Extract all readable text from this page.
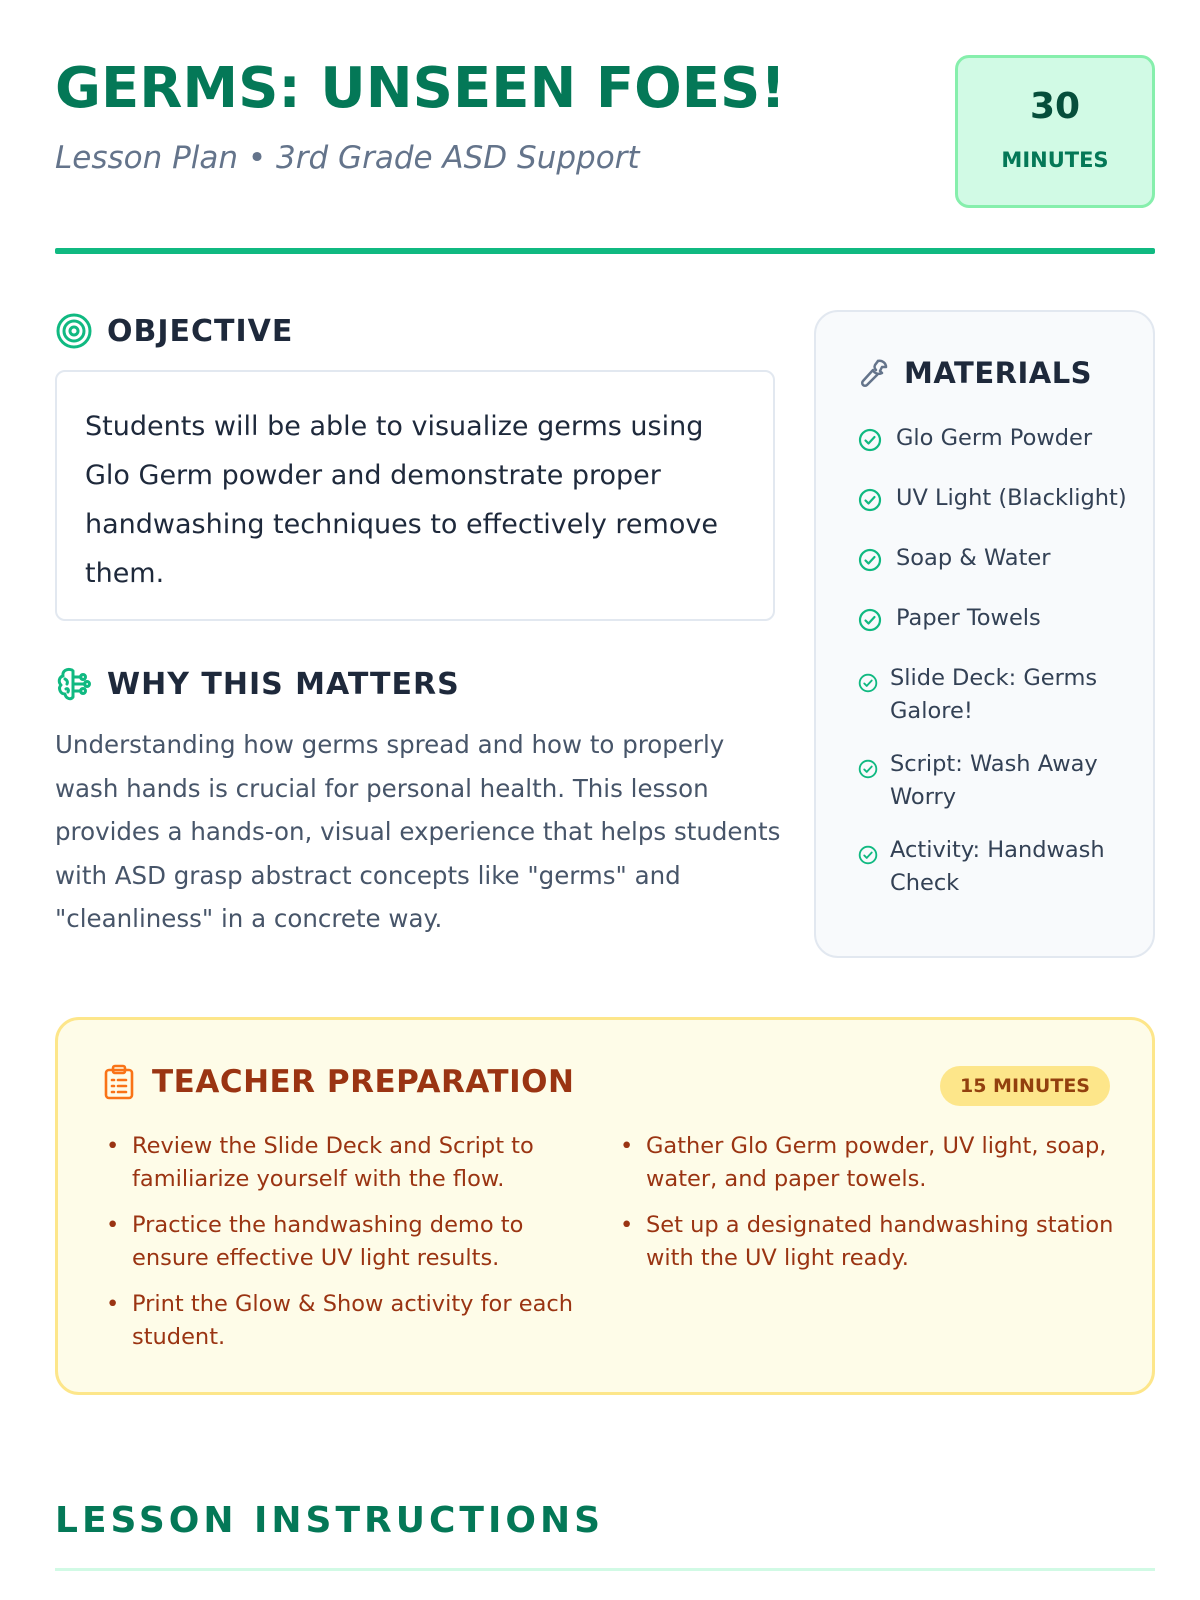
GERMS: UNSEEN FOES!
Lesson Plan • 3rd Grade ASD Support
30
MINUTES
OBJECTIVE

Students will be able to visualize germs using Glo Germ powder and demonstrate proper handwashing techniques to effectively remove them.

WHY THIS MATTERS
Understanding how germs spread and how to properly wash hands is crucial for personal health. This lesson provides a hands-on, visual experience that helps students with ASD grasp abstract concepts like "germs" and "cleanliness" in a concrete way.
MATERIALS
Glo Germ Powder
UV Light (Blacklight)
Soap & Water
Paper Towels
Slide Deck: Germs Galore!
Script: Wash Away Worry
Activity: Handwash Check
TEACHER PREPARATION	15 MINUTES
• Review the Slide Deck and Script to familiarize yourself with the flow.
• Practice the handwashing demo to ensure effective UV light results.
• Print the Glow & Show activity for each student.
• Gather Glo Germ powder, UV light, soap, water, and paper towels.
• Set up a designated handwashing station with the UV light ready.
LESSON INSTRUCTIONS
